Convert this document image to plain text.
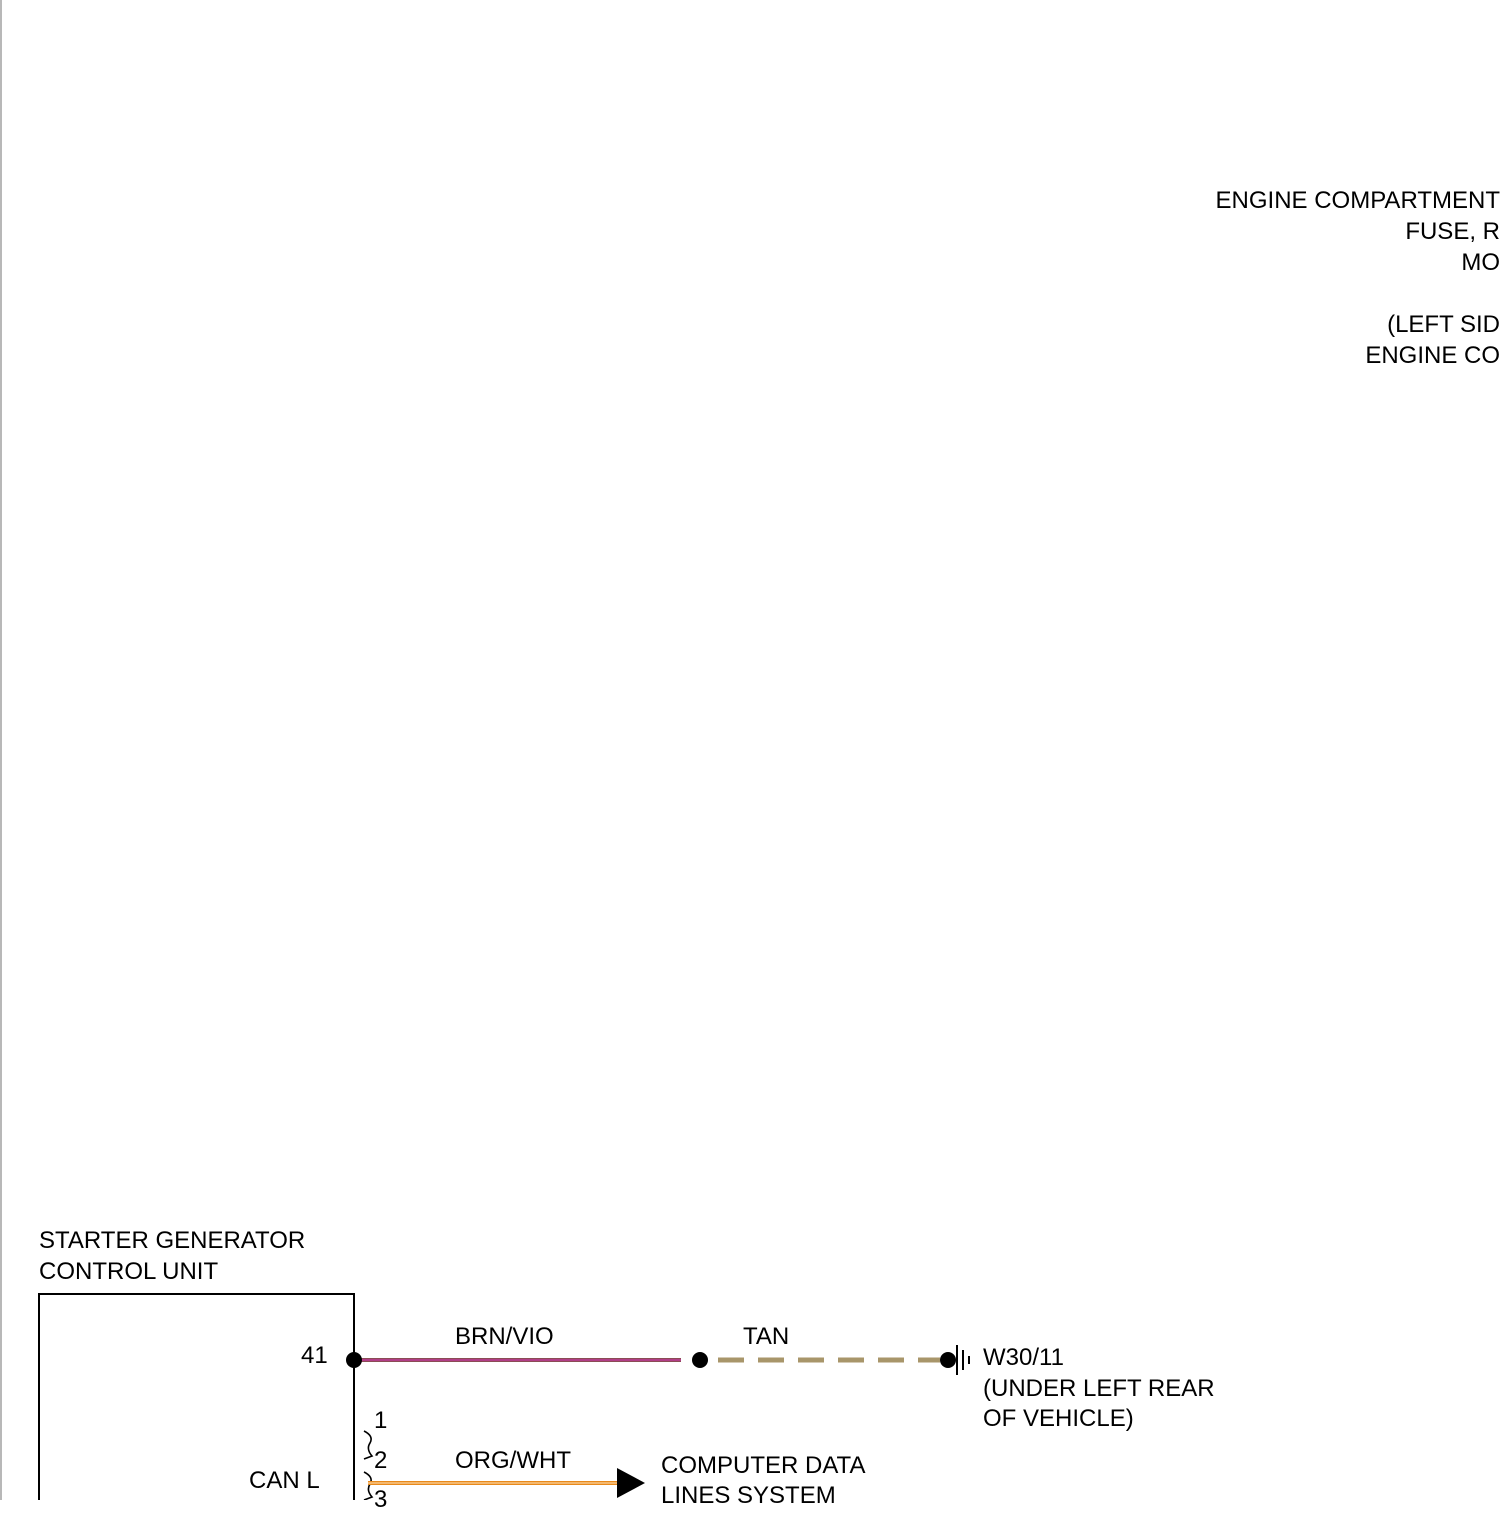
ENGINE COMPARTMENT
FUSE, R
MO
(LEFT SID
ENGINE CO
STARTER GENERATOR
CONTROL UNIT
41
CAN L
1
2
3
BRN/VIO	TAN
ORG/WHT
W30/11
(UNDER LEFT REAR
OF VEHICLE)
COMPUTER DATA
LINES SYSTEM
